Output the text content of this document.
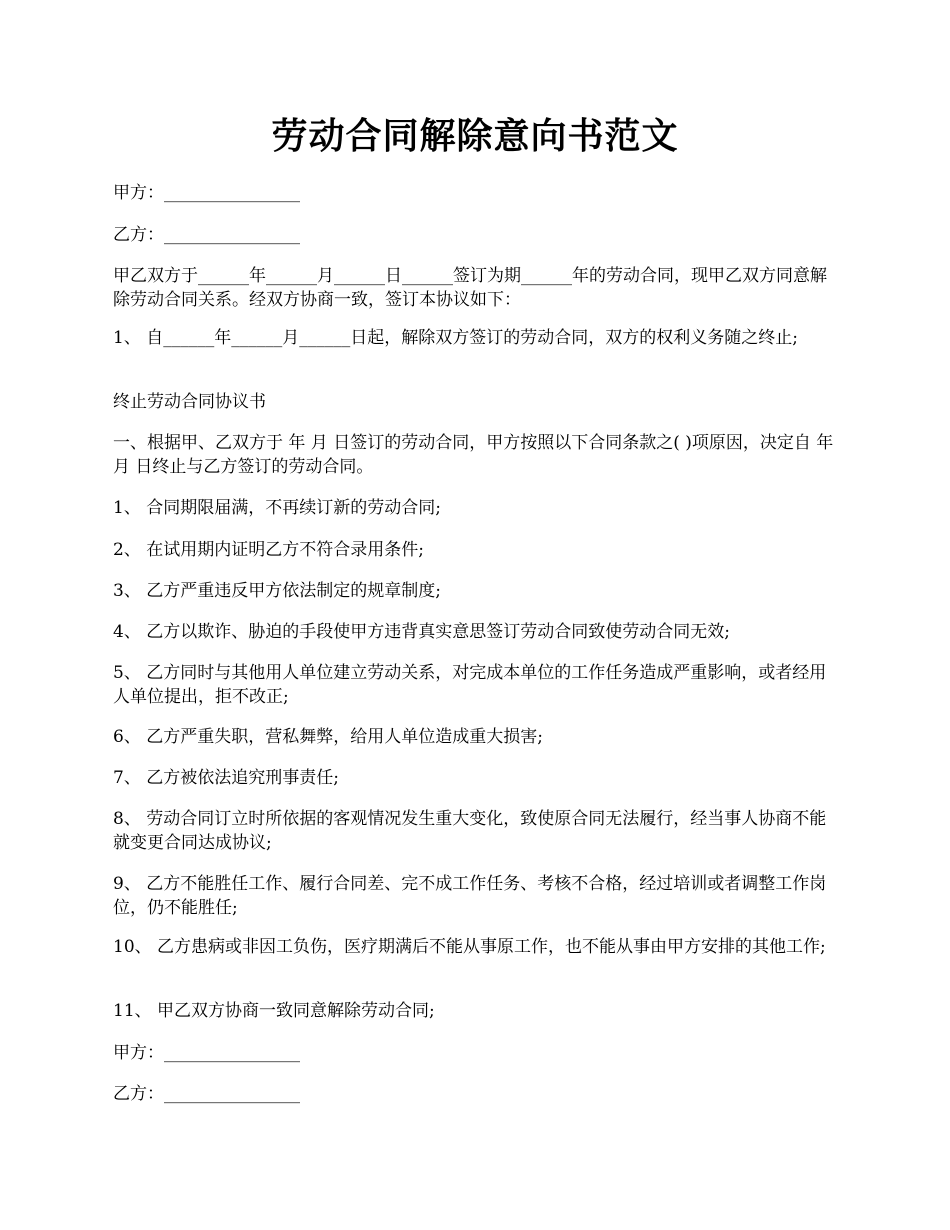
劳动合同解除意向书范文

甲方：________________

乙方：________________

甲乙双方于______年______月______日______签订为期______年的劳动合同，现甲乙双方同意解除劳动合同关系。经双方协商一致，签订本协议如下：

1、 自______年______月______日起，解除双方签订的劳动合同，双方的权利义务随之终止;

终止劳动合同协议书

一、根据甲、乙双方于 年 月 日签订的劳动合同，甲方按照以下合同条款之( )项原因，决定自 年 月 日终止与乙方签订的劳动合同。

1、 合同期限届满，不再续订新的劳动合同;

2、 在试用期内证明乙方不符合录用条件;

3、 乙方严重违反甲方依法制定的规章制度;

4、 乙方以欺诈、胁迫的手段使甲方违背真实意思签订劳动合同致使劳动合同无效;

5、 乙方同时与其他用人单位建立劳动关系，对完成本单位的工作任务造成严重影响，或者经用人单位提出，拒不改正;

6、 乙方严重失职，营私舞弊，给用人单位造成重大损害;

7、 乙方被依法追究刑事责任;

8、 劳动合同订立时所依据的客观情况发生重大变化，致使原合同无法履行，经当事人协商不能就变更合同达成协议;

9、 乙方不能胜任工作、履行合同差、完不成工作任务、考核不合格，经过培训或者调整工作岗位，仍不能胜任;

10、 乙方患病或非因工负伤，医疗期满后不能从事原工作，也不能从事由甲方安排的其他工作;

11、 甲乙双方协商一致同意解除劳动合同;

甲方：________________

乙方：________________
